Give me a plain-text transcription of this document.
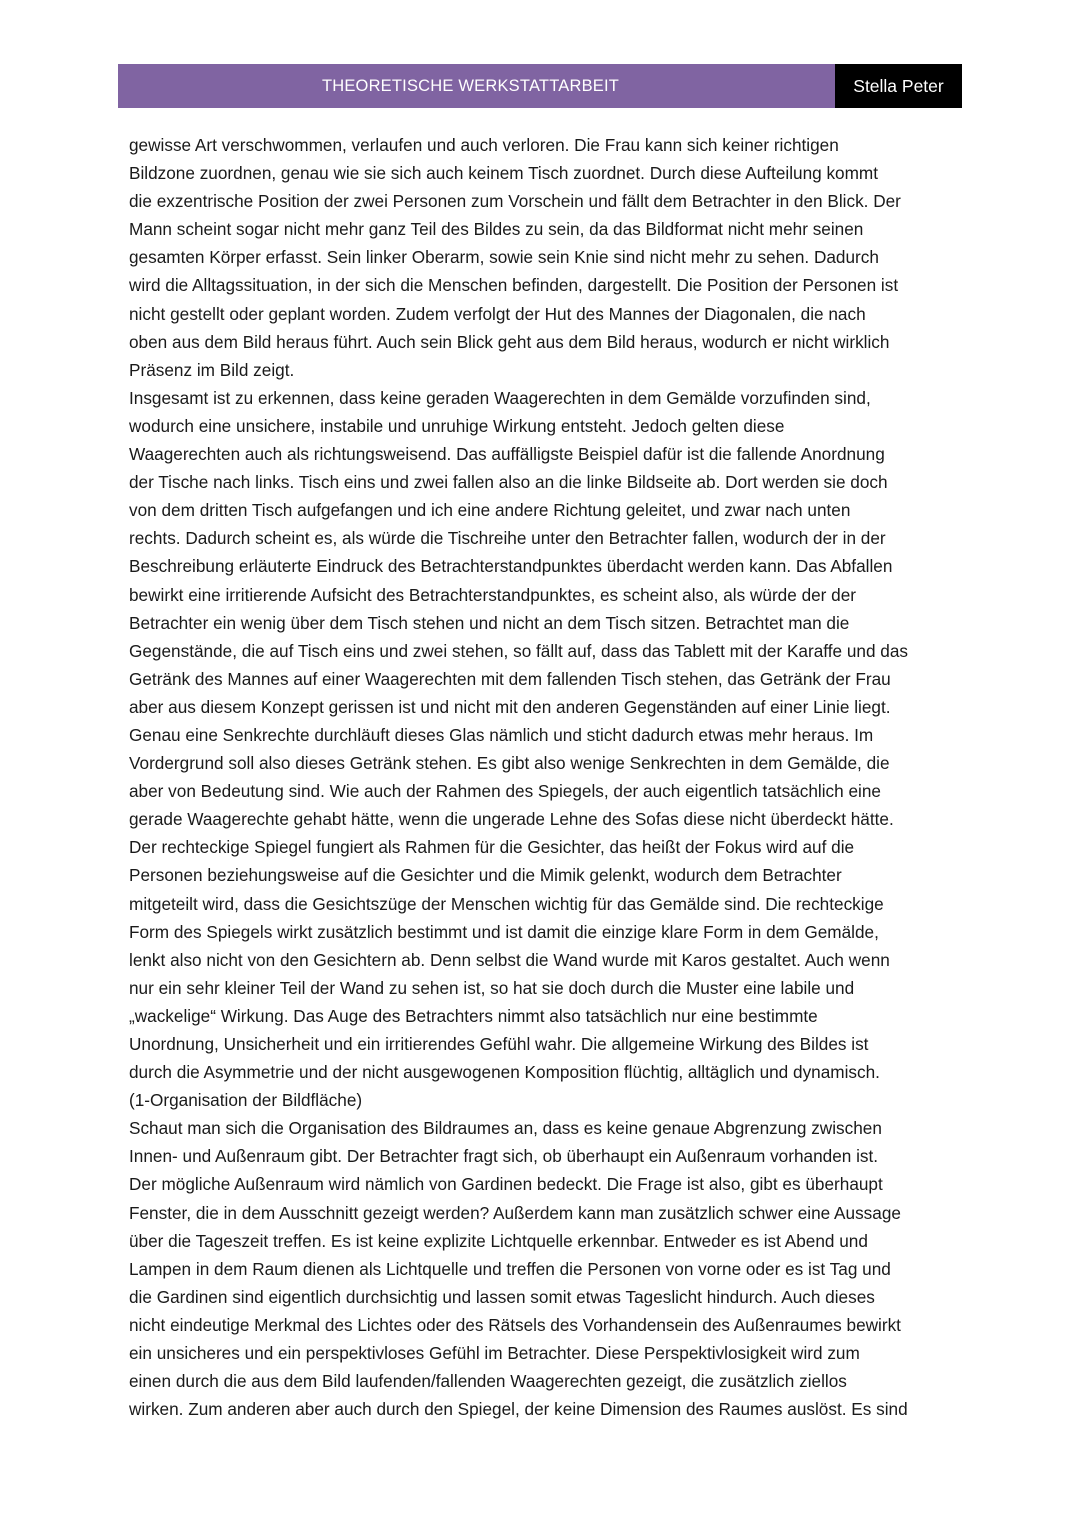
THEORETISCHE WERKSTATTARBEIT	Stella Peter
gewisse Art verschwommen, verlaufen und auch verloren. Die Frau kann sich keiner richtigen
Bildzone zuordnen, genau wie sie sich auch keinem Tisch zuordnet. Durch diese Aufteilung kommt
die exzentrische Position der zwei Personen zum Vorschein und fällt dem Betrachter in den Blick. Der
Mann scheint sogar nicht mehr ganz Teil des Bildes zu sein, da das Bildformat nicht mehr seinen
gesamten Körper erfasst. Sein linker Oberarm, sowie sein Knie sind nicht mehr zu sehen. Dadurch
wird die Alltagssituation, in der sich die Menschen befinden, dargestellt. Die Position der Personen ist
nicht gestellt oder geplant worden. Zudem verfolgt der Hut des Mannes der Diagonalen, die nach
oben aus dem Bild heraus führt. Auch sein Blick geht aus dem Bild heraus, wodurch er nicht wirklich
Präsenz im Bild zeigt.
Insgesamt ist zu erkennen, dass keine geraden Waagerechten in dem Gemälde vorzufinden sind,
wodurch eine unsichere, instabile und unruhige Wirkung entsteht. Jedoch gelten diese
Waagerechten auch als richtungsweisend. Das auffälligste Beispiel dafür ist die fallende Anordnung
der Tische nach links. Tisch eins und zwei fallen also an die linke Bildseite ab. Dort werden sie doch
von dem dritten Tisch aufgefangen und ich eine andere Richtung geleitet, und zwar nach unten
rechts. Dadurch scheint es, als würde die Tischreihe unter den Betrachter fallen, wodurch der in der
Beschreibung erläuterte Eindruck des Betrachterstandpunktes überdacht werden kann. Das Abfallen
bewirkt eine irritierende Aufsicht des Betrachterstandpunktes, es scheint also, als würde der der
Betrachter ein wenig über dem Tisch stehen und nicht an dem Tisch sitzen. Betrachtet man die
Gegenstände, die auf Tisch eins und zwei stehen, so fällt auf, dass das Tablett mit der Karaffe und das
Getränk des Mannes auf einer Waagerechten mit dem fallenden Tisch stehen, das Getränk der Frau
aber aus diesem Konzept gerissen ist und nicht mit den anderen Gegenständen auf einer Linie liegt.
Genau eine Senkrechte durchläuft dieses Glas nämlich und sticht dadurch etwas mehr heraus. Im
Vordergrund soll also dieses Getränk stehen. Es gibt also wenige Senkrechten in dem Gemälde, die
aber von Bedeutung sind. Wie auch der Rahmen des Spiegels, der auch eigentlich tatsächlich eine
gerade Waagerechte gehabt hätte, wenn die ungerade Lehne des Sofas diese nicht überdeckt hätte.
Der rechteckige Spiegel fungiert als Rahmen für die Gesichter, das heißt der Fokus wird auf die
Personen beziehungsweise auf die Gesichter und die Mimik gelenkt, wodurch dem Betrachter
mitgeteilt wird, dass die Gesichtszüge der Menschen wichtig für das Gemälde sind. Die rechteckige
Form des Spiegels wirkt zusätzlich bestimmt und ist damit die einzige klare Form in dem Gemälde,
lenkt also nicht von den Gesichtern ab. Denn selbst die Wand wurde mit Karos gestaltet. Auch wenn
nur ein sehr kleiner Teil der Wand zu sehen ist, so hat sie doch durch die Muster eine labile und
„wackelige“ Wirkung. Das Auge des Betrachters nimmt also tatsächlich nur eine bestimmte
Unordnung, Unsicherheit und ein irritierendes Gefühl wahr. Die allgemeine Wirkung des Bildes ist
durch die Asymmetrie und der nicht ausgewogenen Komposition flüchtig, alltäglich und dynamisch.
(1-Organisation der Bildfläche)
Schaut man sich die Organisation des Bildraumes an, dass es keine genaue Abgrenzung zwischen
Innen- und Außenraum gibt. Der Betrachter fragt sich, ob überhaupt ein Außenraum vorhanden ist.
Der mögliche Außenraum wird nämlich von Gardinen bedeckt. Die Frage ist also, gibt es überhaupt
Fenster, die in dem Ausschnitt gezeigt werden? Außerdem kann man zusätzlich schwer eine Aussage
über die Tageszeit treffen. Es ist keine explizite Lichtquelle erkennbar. Entweder es ist Abend und
Lampen in dem Raum dienen als Lichtquelle und treffen die Personen von vorne oder es ist Tag und
die Gardinen sind eigentlich durchsichtig und lassen somit etwas Tageslicht hindurch. Auch dieses
nicht eindeutige Merkmal des Lichtes oder des Rätsels des Vorhandensein des Außenraumes bewirkt
ein unsicheres und ein perspektivloses Gefühl im Betrachter. Diese Perspektivlosigkeit wird zum
einen durch die aus dem Bild laufenden/fallenden Waagerechten gezeigt, die zusätzlich ziellos
wirken. Zum anderen aber auch durch den Spiegel, der keine Dimension des Raumes auslöst. Es sind
